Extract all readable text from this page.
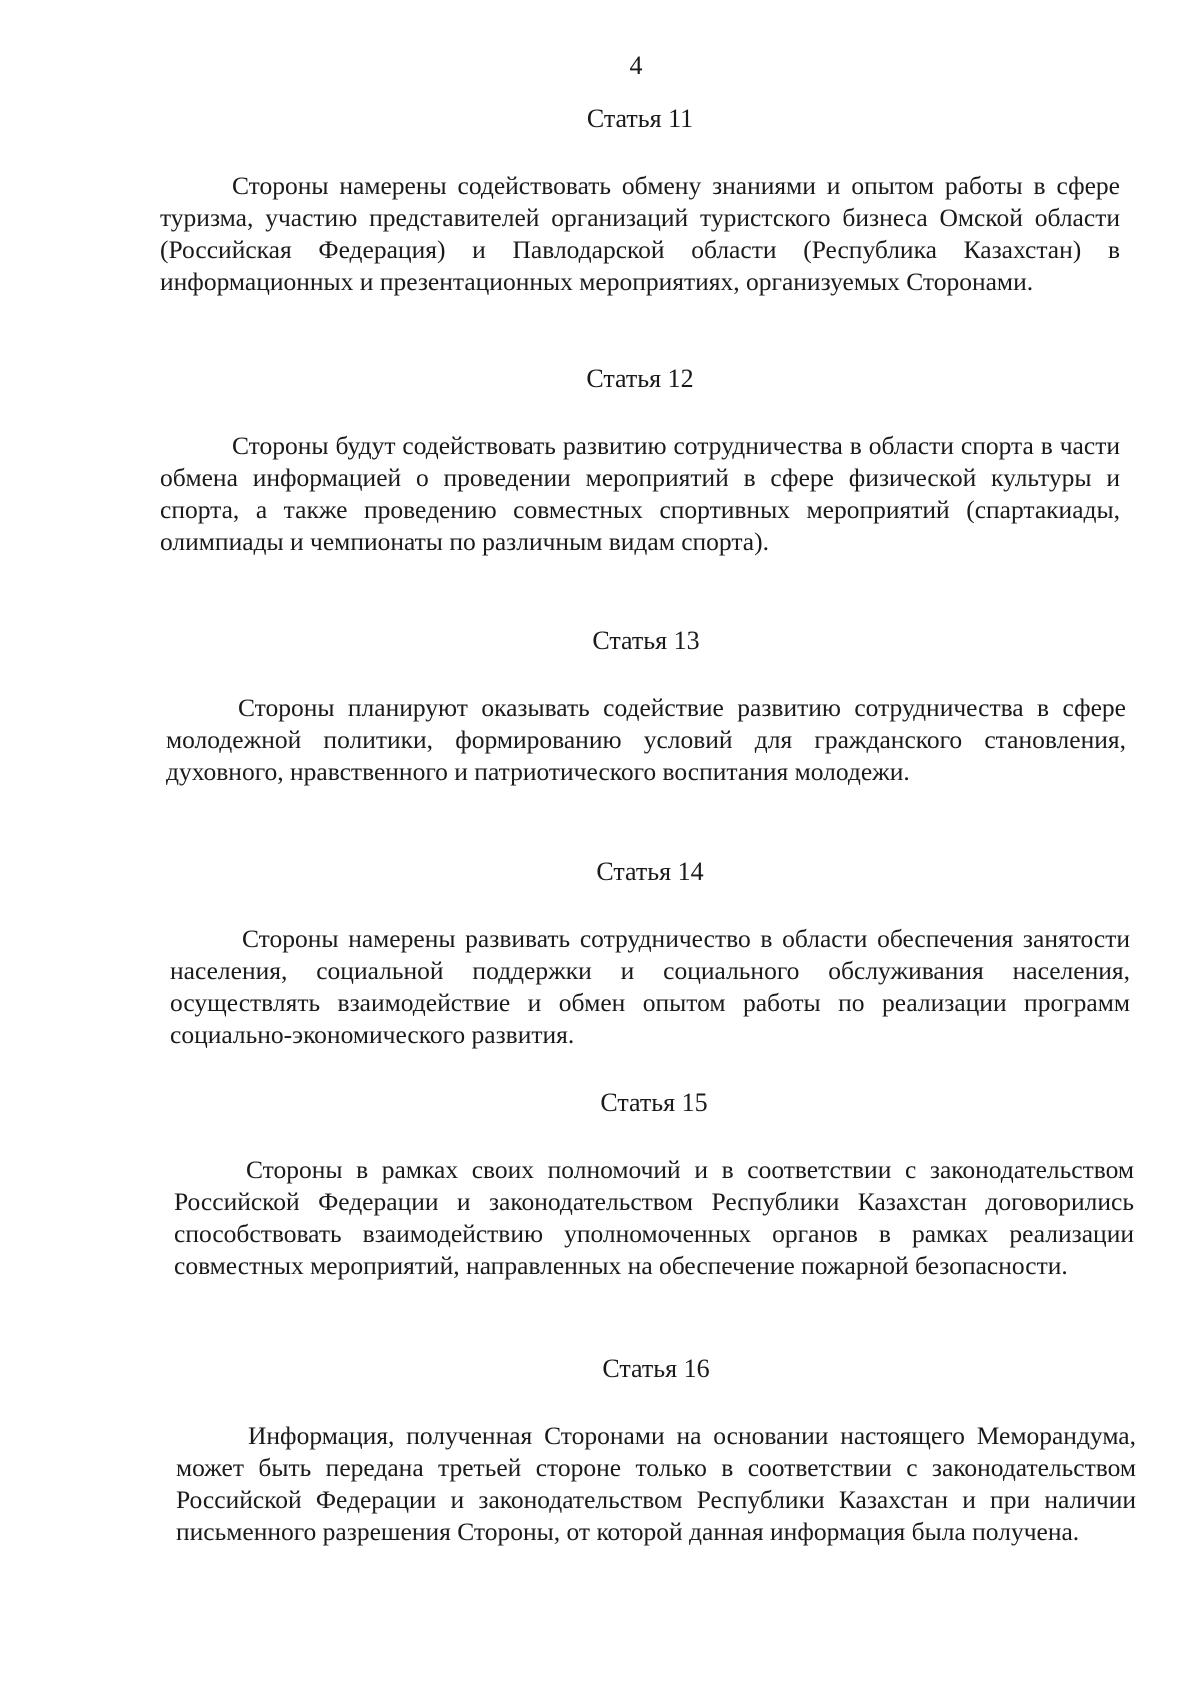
4
Статья 11

Стороны намерены содействовать обмену знаниями и опытом работы в сфере туризма, участию представителей организаций туристского бизнеса Омской области (Российская Федерация) и Павлодарской области (Республика Казахстан) в информационных и презентационных мероприятиях, организуемых Сторонами.

Статья 12

Стороны будут содействовать развитию сотрудничества в области спорта в части обмена информацией о проведении мероприятий в сфере физической культуры и спорта, а также проведению совместных спортивных мероприятий (спартакиады, олимпиады и чемпионаты по различным видам спорта).

Статья 13

Стороны планируют оказывать содействие развитию сотрудничества в сфере молодежной политики, формированию условий для гражданского становления, духовного, нравственного и патриотического воспитания молодежи.

Статья 14

Стороны намерены развивать сотрудничество в области обеспечения занятости населения, социальной поддержки и социального обслуживания населения, осуществлять взаимодействие и обмен опытом работы по реализации программ социально-экономического развития.

Статья 15

Стороны в рамках своих полномочий и в соответствии с законодательством Российской Федерации и законодательством Республики Казахстан договорились способствовать взаимодействию уполномоченных органов в рамках реализации совместных мероприятий, направленных на обеспечение пожарной безопасности.

Статья 16

Информация, полученная Сторонами на основании настоящего Меморандума, может быть передана третьей стороне только в соответствии с законодательством Российской Федерации и законодательством Республики Казахстан и при наличии письменного разрешения Стороны, от которой данная информация была получена.
